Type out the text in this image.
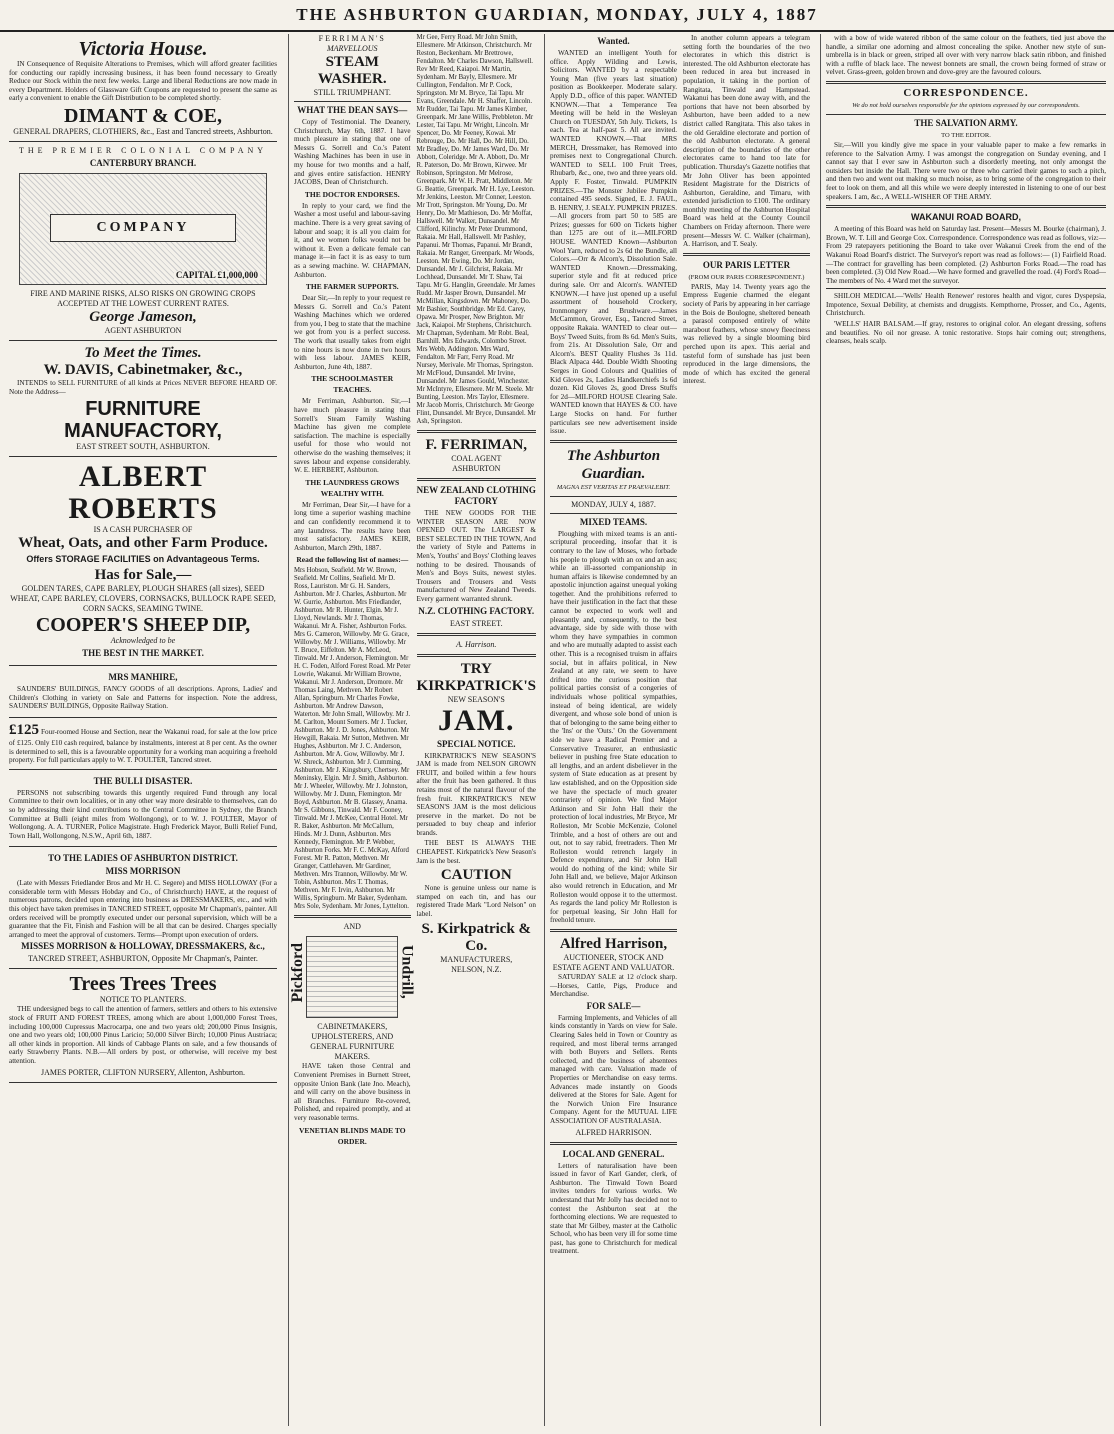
THE ASHBURTON GUARDIAN, MONDAY, JULY 4, 1887
Victoria House.

IN Consequence of Requisite Alterations to Premises, which will afford greater facilities for conducting our rapidly increasing business, it has been found necessary to Greatly Reduce our Stock within the next few weeks. Large and liberal Reductions are now made in every Department. Holders of Glassware Gift Coupons are requested to present the same as early a convenient to enable the Gift Distribution to be completed shortly.

DIMANT & COE,
GENERAL DRAPERS, CLOTHIERS, &c., East and Tancred streets, Ashburton.
THE PREMIER COLONIAL COMPANY
CANTERBURY BRANCH.
COMPANY
CAPITAL £1,000,000
FIRE AND MARINE RISKS, ALSO RISKS ON GROWING CROPS ACCEPTED AT THE LOWEST CURRENT RATES.
George Jameson,
AGENT ASHBURTON
To Meet the Times.
W. DAVIS, Cabinetmaker, &c.,

INTENDS to SELL FURNITURE of all kinds at Prices NEVER BEFORE HEARD OF. Note the Address—

FURNITURE MANUFACTORY,
EAST STREET SOUTH, ASHBURTON.
ALBERT ROBERTS
IS A CASH PURCHASER OF
Wheat, Oats, and other Farm Produce.
Offers STORAGE FACILITIES on Advantageous Terms.
Has for Sale,—
GOLDEN TARES, CAPE BARLEY, PLOUGH SHARES (all sizes), SEED WHEAT, CAPE BARLEY, CLOVERS, CORNSACKS, BULLOCK RAPE SEED, CORN SACKS, SEAMING TWINE.
COOPER'S SHEEP DIP,
Acknowledged to be
THE BEST IN THE MARKET.
MRS MANHIRE,

SAUNDERS' BUILDINGS, FANCY GOODS of all descriptions. Aprons, Ladies' and Children's Clothing in variety on Sale and Patterns for inspection. Note the address, SAUNDERS' BUILDINGS, Opposite Railway Station.

£125 Four-roomed House and Section, near the Wakanui road, for sale at the low price of £125. Only £10 cash required, balance by instalments, interest at 8 per cent. As the owner is determined to sell, this is a favourable opportunity for a working man acquiring a freehold property. For full particulars apply to W. T. POULTER, Tancred street.
THE BULLI DISASTER.

PERSONS not subscribing towards this urgently required Fund through any local Committee to their own localities, or in any other way more desirable to themselves, can do so by addressing their kind contributions to the Central Committee in Sydney, the Branch Committee at Bulli (eight miles from Wollongong), or to W. J. FOULTER, Mayor of Wollongong. A. A. TURNER, Police Magistrate. Hugh Frederick Mayor, Bulli Relief Fund, Town Hall, Wollongong, N.S.W., April 6th, 1887.

TO THE LADIES OF ASHBURTON DISTRICT.
MISS MORRISON

(Late with Messrs Friedlander Bros and Mr H. C. Segere) and MISS HOLLOWAY (For a considerable term with Messrs Hobday and Co., of Christchurch) HAVE, at the request of numerous patrons, decided upon entering into business as DRESSMAKERS, etc., and with this object have taken premises in TANCRED STREET, opposite Mr Chapman's, painter. All orders received will be promptly executed under our personal supervision, which will be a guarantee that the Fit, Finish and Fashion will be all that can be desired. Charges specially arranged to meet the approval of customers. Terms—Prompt upon execution of orders.

MISSES MORRISON & HOLLOWAY, DRESSMAKERS, &c.,
TANCRED STREET, ASHBURTON, Opposite Mr Chapman's, Painter.
Trees Trees Trees
NOTICE TO PLANTERS.

THE undersigned begs to call the attention of farmers, settlers and others to his extensive stock of FRUIT AND FOREST TREES, among which are about 1,000,000 Forest Trees, including 100,000 Cupressus Macrocarpa, one and two years old; 200,000 Pinus Insignis, one and two years old; 100,000 Pinus Laricio; 50,000 Silver Birch; 10,000 Pinus Austriaca; all other kinds in proportion. All kinds of Cabbage Plants on sale, and a few thousands of early Strawberry Plants. N.B.—All orders by post, or otherwise, will receive my best attention.

JAMES PORTER, CLIFTON NURSERY, Allenton, Ashburton.
FERRIMAN'S
MARVELLOUS
STEAM WASHER.
STILL TRIUMPHANT.
WHAT THE DEAN SAYS—

Copy of Testimonial. The Deanery, Christchurch, May 6th, 1887. I have much pleasure in stating that one of Messrs G. Sorrell and Co.'s Patent Washing Machines has been in use in my house for two months and a half, and gives entire satisfaction. HENRY JACOBS, Dean of Christchurch.

THE DOCTOR ENDORSES.

In reply to your card, we find the Washer a most useful and labour-saving machine. There is a very great saving of labour and soap; it is all you claim for it, and we women folks would not be without it. Even a delicate female can manage it—in fact it is as easy to turn as a sewing machine. W. CHAPMAN, Ashburton.

THE FARMER SUPPORTS.

Dear Sir,—In reply to your request re Messrs G. Sorrell and Co.'s Patent Washing Machines which we ordered from you, I beg to state that the machine we got from you is a perfect success. The work that usually takes from eight to nine hours is now done in two hours with less labour. JAMES KEIR, Ashburton, June 4th, 1887.

THE SCHOOLMASTER TEACHES.

Mr Ferriman, Ashburton. Sir,—I have much pleasure in stating that Sorrell's Steam Family Washing Machine has given me complete satisfaction. The machine is especially useful for those who would not otherwise do the washing themselves; it saves labour and expense considerably. W. E. HERBERT, Ashburton.

THE LAUNDRESS GROWS WEALTHY WITH.

Mr Ferriman, Dear Sir,—I have for a long time a superior washing machine and can confidently recommend it to any laundress. The results have been most satisfactory. JAMES KEIR, Ashburton, March 29th, 1887.

Read the following list of names:—
Mrs Hobson, Seafield. Mr W. Brown, Seafield. Mr Collins, Seafield. Mr D. Ross, Lauriston. Mr G. H. Sanders, Ashburton. Mr J. Charles, Ashburton. Mr W. Gurrie, Ashburton. Mrs Friedlander, Ashburton. Mr R. Hunter, Elgin. Mr J. Lloyd, Newlands. Mr J. Thomas, Wakanui. Mr A. Fisher, Ashburton Forks. Mrs G. Cameron, Willowby. Mr G. Grace, Willowby. Mr J. Williams, Willowby. Mr T. Bruce, Eiffelton. Mr A. McLeod, Tinwald. Mr J. Anderson, Flemington. Mr H. C. Foden, Alford Forest Road. Mr Peter Lowrie, Wakanui. Mr William Browne, Wakanui. Mr J. Anderson, Dromore. Mr Thomas Laing, Methven. Mr Robert Allan, Springburn. Mr Charles Fowke, Ashburton. Mr Andrew Dawson, Waterton. Mr John Small, Willowby. Mr J. M. Carlton, Mount Somers. Mr J. Tucker, Ashburton. Mr J. D. Jones, Ashburton. Mr Hewgill, Rakaia. Mr Sutton, Methven. Mr Hughes, Ashburton. Mr J. C. Anderson, Ashburton. Mr A. Gow, Willowby. Mr J. W. Shreck, Ashburton. Mr J. Cumming, Ashburton. Mr J. Kingsbury, Chertsey. Mr Meninsky, Elgin. Mr J. Smith, Ashburton. Mr J. Wheeler, Willowby. Mr J. Johnston, Willowby. Mr J. Dunn, Flemington. Mr Boyd, Ashburton. Mr B. Glassey, Anama. Mr S. Gibbons, Tinwald. Mr F. Cooney, Tinwald. Mr J. McKee, Central Hotel. Mr R. Baker, Ashburton. Mr McCallum, Hinds. Mr J. Dunn, Ashburton. Mrs Kennedy, Flemington. Mr P. Webber, Ashburton Forks. Mr F. C. McKay, Alford Forest. Mr R. Patton, Methven. Mr Granger, Cattlehaven. Mr Gardiner, Methven. Mrs Trannon, Willowby. Mr W. Tobin, Ashburton. Mrs T. Thomas, Methven. Mr F. Irvin, Ashburton. Mr Willis, Springburn. Mr Baker, Sydenham. Mrs Sole, Sydenham. Mr Jones, Lyttelton.
Pickford
AND
Undrill,
CABINETMAKERS, UPHOLSTERERS, AND GENERAL FURNITURE MAKERS.

HAVE taken those Central and Convenient Premises in Burnett Street, opposite Union Bank (late Jno. Meach), and will carry on the above business in all Branches. Furniture Re-covered, Polished, and repaired promptly, and at very reasonable terms.

VENETIAN BLINDS MADE TO ORDER.
Mr Gee, Ferry Road. Mr John Smith, Ellesmere. Mr Atkinson, Christchurch. Mr Reston, Beckenham. Mr Brettrowe, Fendalton. Mr Charles Dawson, Hallswell. Rev Mr Reed, Kaiapoi. Mr Martin, Sydenham. Mr Bayly, Ellesmere. Mr Cullington, Fendalton. Mr P. Cock, Springston. Mr M. Bryce, Tai Tapu. Mr Evans, Greendale. Mr H. Shaffer, Lincoln. Mr Rudder, Tai Tapu. Mr James Kimber, Greenpark. Mr Jane Willis, Prebbleton. Mr Lester, Tai Tapu. Mr Wright, Lincoln. Mr Spencer, Do. Mr Feeney, Kowai. Mr Rebrouge, Do. Mr Hall, Do. Mr Hill, Do. Mr Bradley, Do. Mr James Ward, Do. Mr Abbott, Coleridge. Mr A. Abbott, Do. Mr R. Paterson, Do. Mr Brown, Kirwee. Mr Robinson, Springston. Mr Melrose, Greenpark. Mr W. H. Pratt, Middleton. Mr G. Beattie, Greenpark. Mr H. Lye, Leeston. Mr Jenkins, Leeston. Mr Conner, Leeston. Mr Trott, Springston. Mr Young, Do. Mr Henry, Do. Mr Mathieson, Do. Mr Moffat, Hallswell. Mr Walker, Dunsandel. Mr Clifford, Kilinchy. Mr Peter Drummond, Rakaia. Mr Hall, Hallswell. Mr Pashley, Papanui. Mr Thomas, Papanui. Mr Brandt, Rakaia. Mr Ranger, Greenpark. Mr Woods, Leeston. Mr Ewing, Do. Mr Jordan, Dunsandel. Mr J. Gilchrist, Rakaia. Mr Lochhead, Dunsandel. Mr T. Shaw, Tai Tapu. Mr G. Hanglin, Greendale. Mr James Rudd. Mr Jasper Brown, Dunsandel. Mr McMillan, Kingsdown. Mr Mahoney, Do. Mr Bashier, Southbridge. Mr Ed. Carey, Opawa. Mr Prosper, New Brighton. Mr Jack, Kaiapoi. Mr Stephens, Christchurch. Mr Chapman, Sydenham. Mr Robt. Beal, Barnhill. Mrs Edwards, Colombo Street. Mrs Webb, Addington. Mrs Ward, Fendalton. Mr Farr, Ferry Road. Mr Nursey, Merivale. Mr Thomas, Springston. Mr McFloud, Dunsandel. Mr Irvine, Dunsandel. Mr James Gould, Winchester. Mr McIntyre, Ellesmere. Mr M. Steele. Mr Bunting, Leeston. Mrs Taylor, Ellesmere. Mr Jacob Morris, Christchurch. Mr George Flint, Dunsandel. Mr Bryce, Dunsandel. Mr Ash, Springston.
F. FERRIMAN,
COAL AGENT
ASHBURTON
NEW ZEALAND CLOTHING FACTORY

THE NEW GOODS FOR THE WINTER SEASON ARE NOW OPENED OUT. The LARGEST & BEST SELECTED IN THE TOWN, And the variety of Style and Patterns in Men's, Youths' and Boys' Clothing leaves nothing to be desired. Thousands of Men's and Boys Suits, newest styles. Trousers and Trousers and Vests manufactured of New Zealand Tweeds. Every garment warranted shrunk.

N.Z. CLOTHING FACTORY.
EAST STREET.
A. Harrison.
TRY
KIRKPATRICK'S
NEW SEASON'S
JAM.
SPECIAL NOTICE.

KIRKPATRICK'S NEW SEASON'S JAM is made from NELSON GROWN FRUIT, and boiled within a few hours after the fruit has been gathered. It thus retains most of the natural flavour of the fresh fruit. KIRKPATRICK'S NEW SEASON'S JAM is the most delicious preserve in the market. Do not be persuaded to buy cheap and inferior brands.

THE BEST IS ALWAYS THE CHEAPEST. Kirkpatrick's New Season's Jam is the best.

CAUTION

None is genuine unless our name is stamped on each tin, and has our registered Trade Mark "Lord Nelson" on label.

S. Kirkpatrick & Co.
MANUFACTURERS,
NELSON, N.Z.
Wanted.

WANTED an intelligent Youth for office. Apply Wilding and Lewis, Solicitors. WANTED by a respectable Young Man (five years last situation) position as Bookkeeper. Moderate salary. Apply D.D., office of this paper. WANTED KNOWN.—That a Temperance Tea Meeting will be held in the Wesleyan Church on TUESDAY, 5th July. Tickets, 1s each. Tea at half-past 5. All are invited. WANTED KNOWN.—That MRS MERCH, Dressmaker, has Removed into premises next to Congregational Church. WANTED to SELL 100 Fruit Trees, Rhubarb, &c., one, two and three years old. Apply F. Foster, Tinwald. PUMPKIN PRIZES.—The Monster Jubilee Pumpkin contained 495 seeds. Signed, E. J. FAUL, B. HENRY, J. SEALY. PUMPKIN PRIZES.—All grocers from part 50 to 585 are Prizes; guesses for 600 on Tickets higher than 1275 are out of it.—MILFORD HOUSE. WANTED Known—Ashburton Wool Yarn, reduced to 2s 6d the Bundle, all Colors.—Orr & Alcorn's, Dissolution Sale. WANTED Known.—Dressmaking, superior style and fit at reduced price during sale. Orr and Alcorn's. WANTED KNOWN.—I have just opened up a useful assortment of household Crockery, Ironmongery and Brushware.—James McCammon, Grover, Esq., Tancred Street, opposite Rakaia. WANTED to clear out—Boys' Tweed Suits, from 8s 6d. Men's Suits, from 21s. At Dissolution Sale, Orr and Alcorn's. BEST Quality Flushes 3s 11d. Black Alpaca 44d. Double Width Shooting Serges in Good Colours and Qualities of Kid Gloves 2s, Ladies Handkerchiefs 1s 6d dozen. Kid Gloves 2s, good Dress Stuffs for 2d—MILFORD HOUSE Clearing Sale. WANTED known that HAYES & CO. have Large Stocks on hand. For further particulars see new advertisement inside issue.

The Ashburton Guardian.
MAGNA EST VERITAS ET PRAEVALEBIT.
MONDAY, JULY 4, 1887.
MIXED TEAMS.

Ploughing with mixed teams is an anti-scriptural proceeding, insofar that it is contrary to the law of Moses, who forbade his people to plough with an ox and an ass; while an ill-assorted companionship in human affairs is likewise condemned by an apostolic injunction against unequal yoking together. And the prohibitions referred to have their justification in the fact that these cannot be expected to work well and pleasantly and, consequently, to the best advantage, side by side with those with whom they have sympathies in common and who are mutually adapted to assist each other. This is a recognised truism in affairs social, but in affairs political, in New Zealand at any rate, we seem to have drifted into the curious position that political parties consist of a congeries of individuals whose political sympathies, instead of being identical, are widely divergent, and whose sole bond of union is that of belonging to the same being either to the 'Ins' or the 'Outs.' On the Government side we have a Radical Premier and a Conservative Treasurer, an enthusiastic believer in pushing free State education to all lengths, and an ardent disbeliever in the system of State education as at present by law established, and on the Opposition side we have the spectacle of much greater contrariety of opinion. We find Major Atkinson and Sir John Hall their the protection of local industries, Mr Bryce, Mr Rolleston, Mr Scobie McKenzie, Colonel Trimble, and a host of others are out and out, not to say rabid, freetraders. Then Mr Rolleston would retrench largely in Defence expenditure, and Sir John Hall would do nothing of the kind; while Sir John Hall and, we believe, Major Atkinson also would retrench in Education, and Mr Rolleston would oppose it to the uttermost. As regards the land policy Mr Rolleston is for perpetual leasing, Sir John Hall for freehold tenure.

Alfred Harrison,
AUCTIONEER, STOCK AND ESTATE AGENT AND VALUATOR.

SATURDAY SALE at 12 o'clock sharp.—Horses, Cattle, Pigs, Produce and Merchandise.

FOR SALE—

Farming Implements, and Vehicles of all kinds constantly in Yards on view for Sale. Clearing Sales held in Town or Country as required, and most liberal terms arranged with both Buyers and Sellers. Rents collected, and the business of absentees managed with care. Valuation made of Properties or Merchandise on easy terms. Advances made instantly on Goods delivered at the Stores for Sale. Agent for the Norwich Union Fire Insurance Company. Agent for the MUTUAL LIFE ASSOCIATION OF AUSTRALASIA.

ALFRED HARRISON.
LOCAL AND GENERAL.

Letters of naturalisation have been issued in favor of Karl Gander, clerk, of Ashburton. The Tinwald Town Board invites tenders for various works. We understand that Mr Jolly has decided not to contest the Ashburton seat at the forthcoming elections. We are requested to state that Mr Gilbey, master at the Catholic School, who has been very ill for some time past, has gone to Christchurch for medical treatment.

In another column appears a telegram setting forth the boundaries of the two electorates in which this district is interested. The old Ashburton electorate has been reduced in area but increased in population, it taking in the portion of Rangitata, Tinwald and Hampstead. Wakanui has been done away with, and the portions that have not been absorbed by Ashburton, have been added to a new district called Rangitata. This also takes in the old Geraldine electorate and portion of the old Ashburton electorate. A general description of the boundaries of the other electorates came to hand too late for publication. Thursday's Gazette notifies that Mr John Oliver has been appointed Resident Magistrate for the Districts of Ashburton, Geraldine, and Timaru, with extended jurisdiction to £100. The ordinary monthly meeting of the Ashburton Hospital Board was held at the County Council Chambers on Friday afternoon. There were present—Messrs W. C. Walker (chairman), A. Harrison, and T. Sealy.

OUR PARIS LETTER
(FROM OUR PARIS CORRESPONDENT.)

PARIS, May 14. Twenty years ago the Empress Eugenie charmed the elegant society of Paris by appearing in her carriage in the Bois de Boulogne, sheltered beneath a parasol composed entirely of white marabout feathers, whose snowy fleeciness was relieved by a single blooming bird perched upon its apex. This aerial and tasteful form of sunshade has just been reproduced in the large dimensions, the mode of which has excited the general interest.

with a bow of wide watered ribbon of the same colour on the feathers, tied just above the handle, a similar one adorning and almost concealing the spike. Another new style of sun-umbrella is in black or green, striped all over with very narrow black satin ribbon, and finished with a ruffle of black lace. The newest bonnets are small, the crown being formed of straw or velvet. Grass-green, golden brown and dove-grey are the favoured colours.

CORRESPONDENCE.
We do not hold ourselves responsible for the opinions expressed by our correspondents.
THE SALVATION ARMY.
TO THE EDITOR.

Sir,—Will you kindly give me space in your valuable paper to make a few remarks in reference to the Salvation Army. I was amongst the congregation on Sunday evening, and I cannot say that I ever saw in Ashburton such a disorderly meeting, not only amongst the outsiders but inside the Hall. There were two or three who carried their games to such a pitch, and then two and went out making so much noise, as to bring some of the congregation to their feet to look on them, and all this while we were deeply interested in listening to one of our best speakers. I am, &c., A WELL-WISHER OF THE ARMY.

WAKANUI ROAD BOARD,

A meeting of this Board was held on Saturday last. Present—Messrs M. Bourke (chairman), J. Brown, W. T. Lill and George Cox. Correspondence. Correspondence was read as follows, viz:—From 29 ratepayers petitioning the Board to take over Wakanui Creek from the end of the Wakanui Road Board's district. The Surveyor's report was read as follows:— (1) Fairfield Road.—The contract for gravelling has been completed. (2) Ashburton Forks Road.—The road has been completed. (3) Old New Road.—We have formed and gravelled the road. (4) Ford's Road—The members of No. 4 Ward met the surveyor.

SHILOH MEDICAL—'Wells' Health Renewer' restores health and vigor, cures Dyspepsia, Impotence, Sexual Debility, at chemists and druggists. Kempthorne, Prosser, and Co., Agents, Christchurch.

'WELLS' HAIR BALSAM.—If gray, restores to original color. An elegant dressing, softens and beautifies. No oil nor grease. A tonic restorative. Stops hair coming out; strengthens, cleanses, heals scalp.
